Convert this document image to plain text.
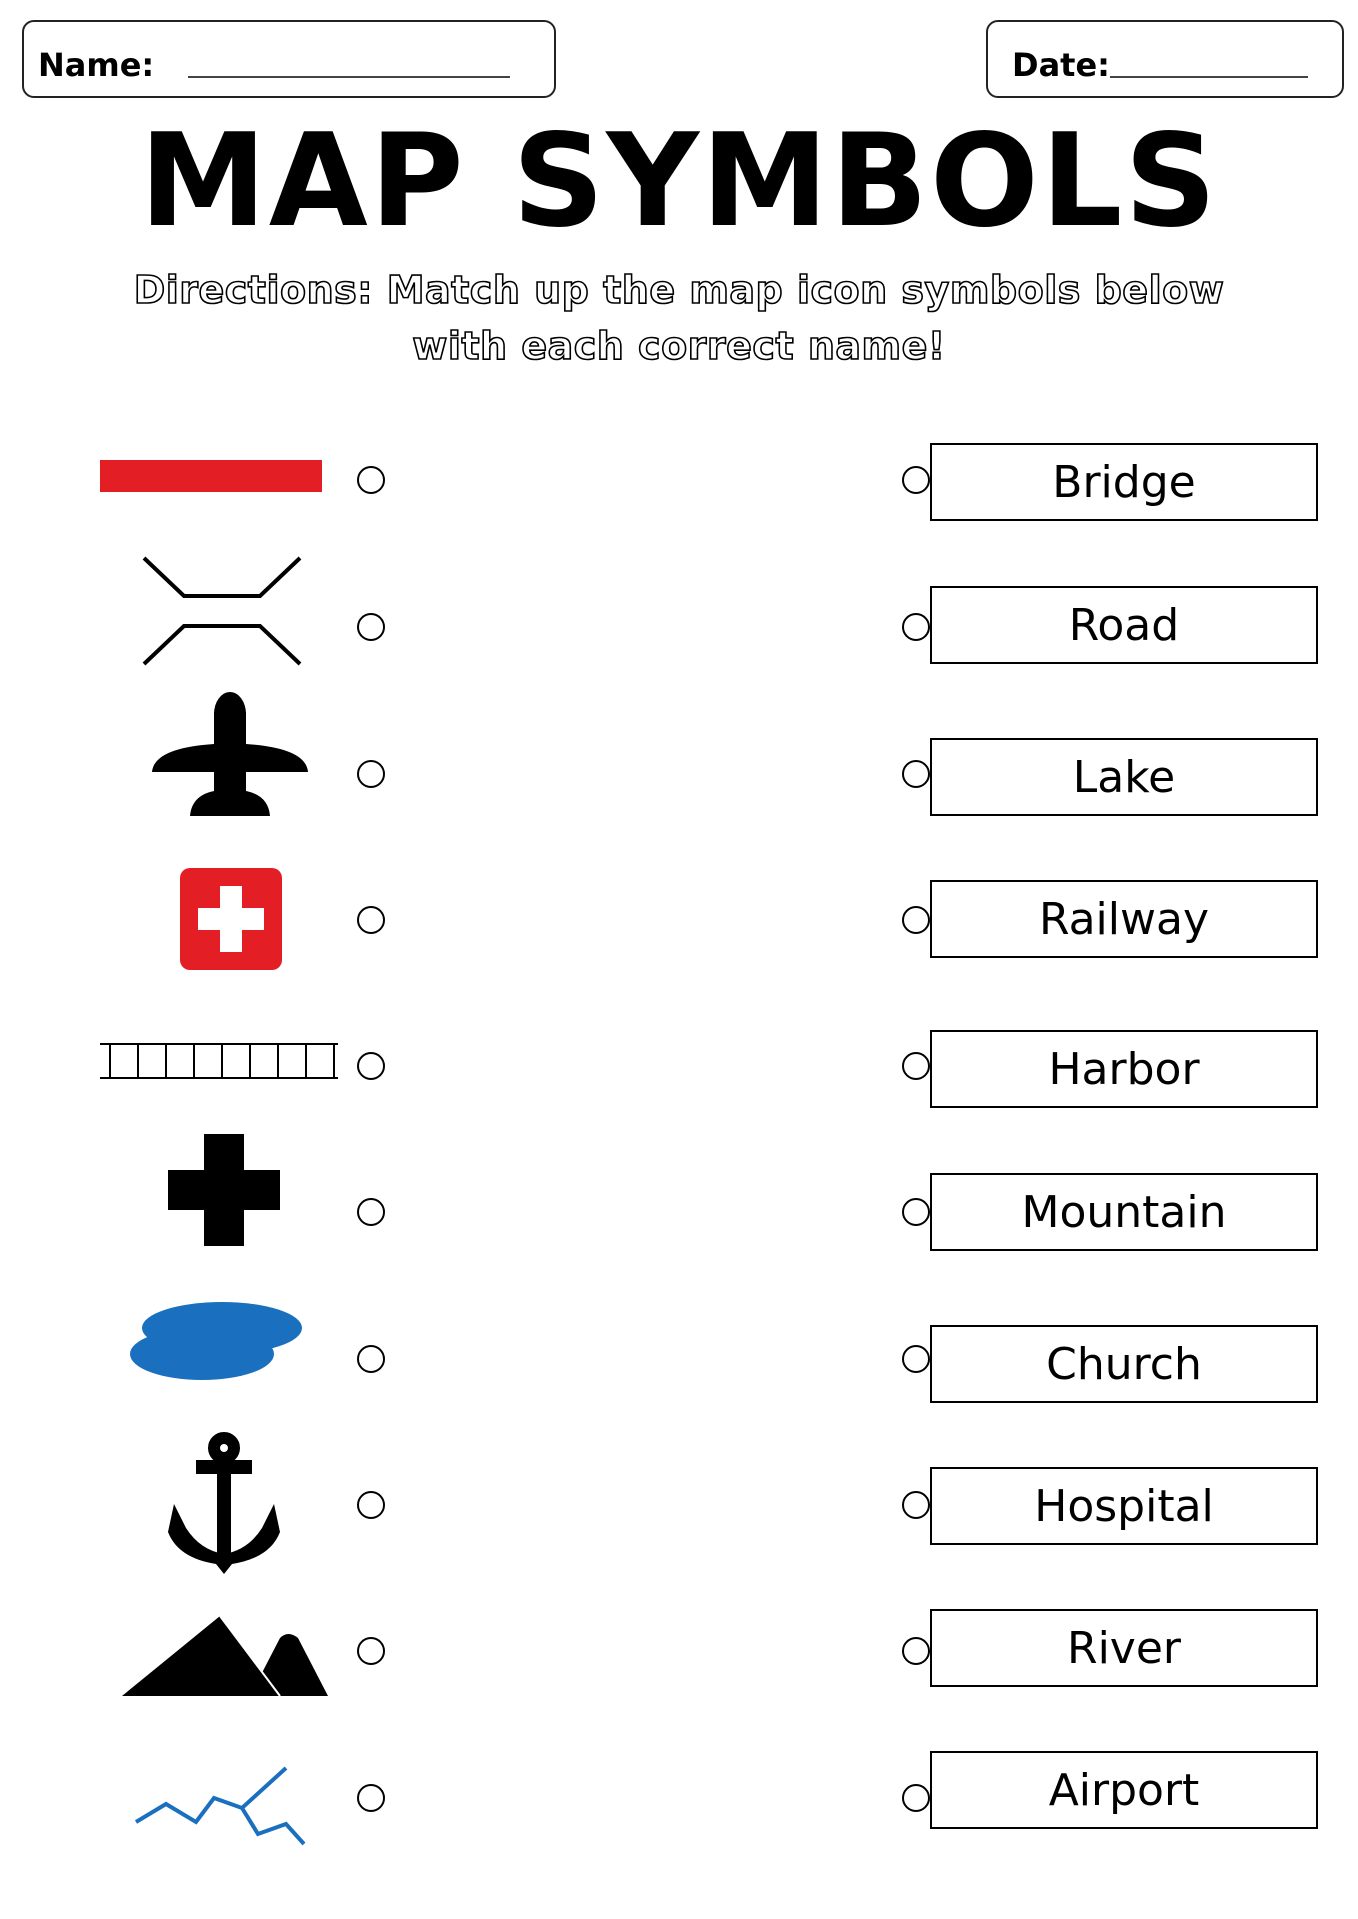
Name:	Date:
MAP SYMBOLS
Directions: Match up the map icon symbols below
with each correct name!
Bridge
Road
Lake
Railway
Harbor
Mountain
Church
Hospital
River
Airport
